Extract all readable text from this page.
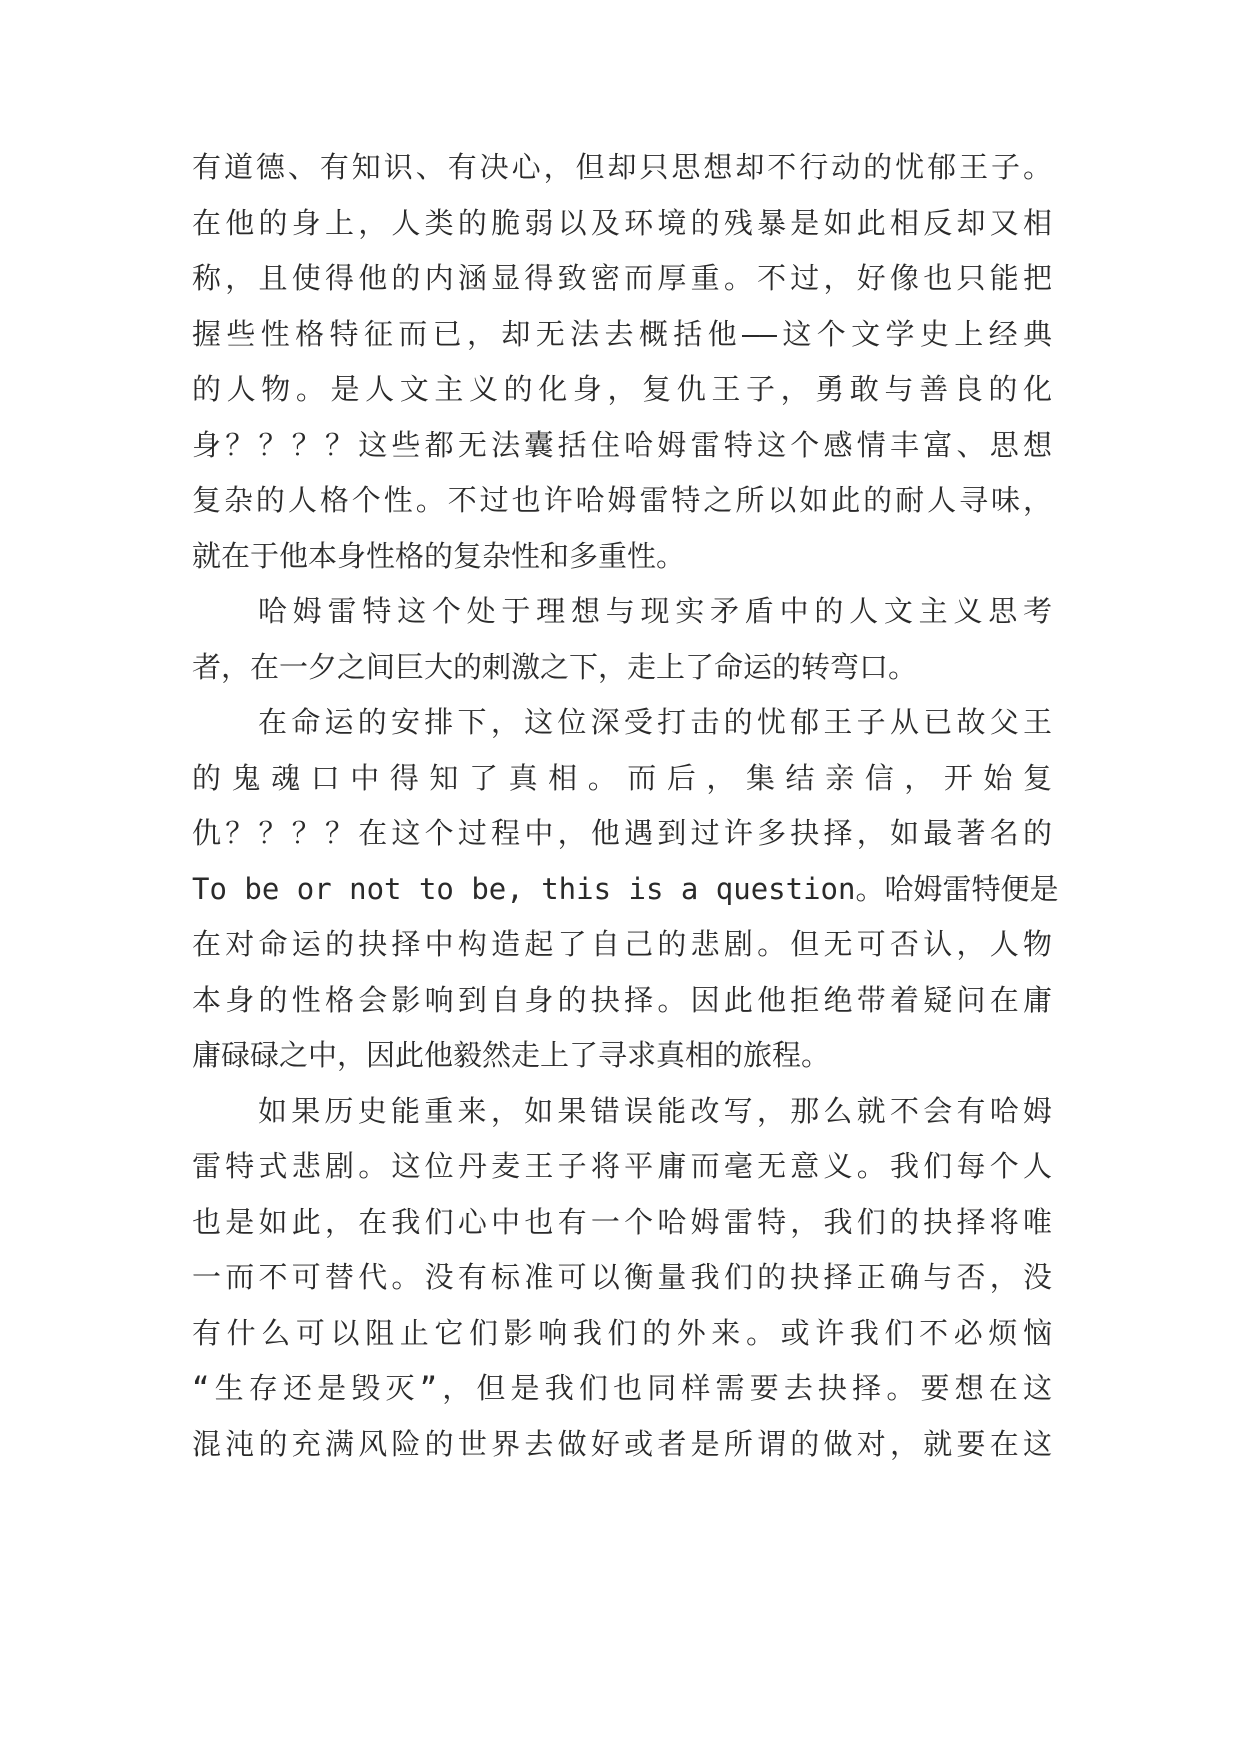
有道德、有知识、有决心，但却只思想却不行动的忧郁王子。
在他的身上，人类的脆弱以及环境的残暴是如此相反却又相
称，且使得他的内涵显得致密而厚重。不过，好像也只能把
握些性格特征而已，却无法去概括他——这个文学史上经典
的人物。是人文主义的化身，复仇王子，勇敢与善良的化
身？？？？这些都无法囊括住哈姆雷特这个感情丰富、思想
复杂的人格个性。不过也许哈姆雷特之所以如此的耐人寻味，
就在于他本身性格的复杂性和多重性。
哈姆雷特这个处于理想与现实矛盾中的人文主义思考
者，在一夕之间巨大的刺激之下，走上了命运的转弯口。
在命运的安排下，这位深受打击的忧郁王子从已故父王
的鬼魂口中得知了真相。而后，集结亲信，开始复
仇？？？？在这个过程中，他遇到过许多抉择，如最著名的
To be or not to be, this is a question。哈姆雷特便是
在对命运的抉择中构造起了自己的悲剧。但无可否认，人物
本身的性格会影响到自身的抉择。因此他拒绝带着疑问在庸
庸碌碌之中，因此他毅然走上了寻求真相的旅程。
如果历史能重来，如果错误能改写，那么就不会有哈姆
雷特式悲剧。这位丹麦王子将平庸而毫无意义。我们每个人
也是如此，在我们心中也有一个哈姆雷特，我们的抉择将唯
一而不可替代。没有标准可以衡量我们的抉择正确与否，没
有什么可以阻止它们影响我们的外来。或许我们不必烦恼
“生存还是毁灭”，但是我们也同样需要去抉择。要想在这
混沌的充满风险的世界去做好或者是所谓的做对，就要在这
